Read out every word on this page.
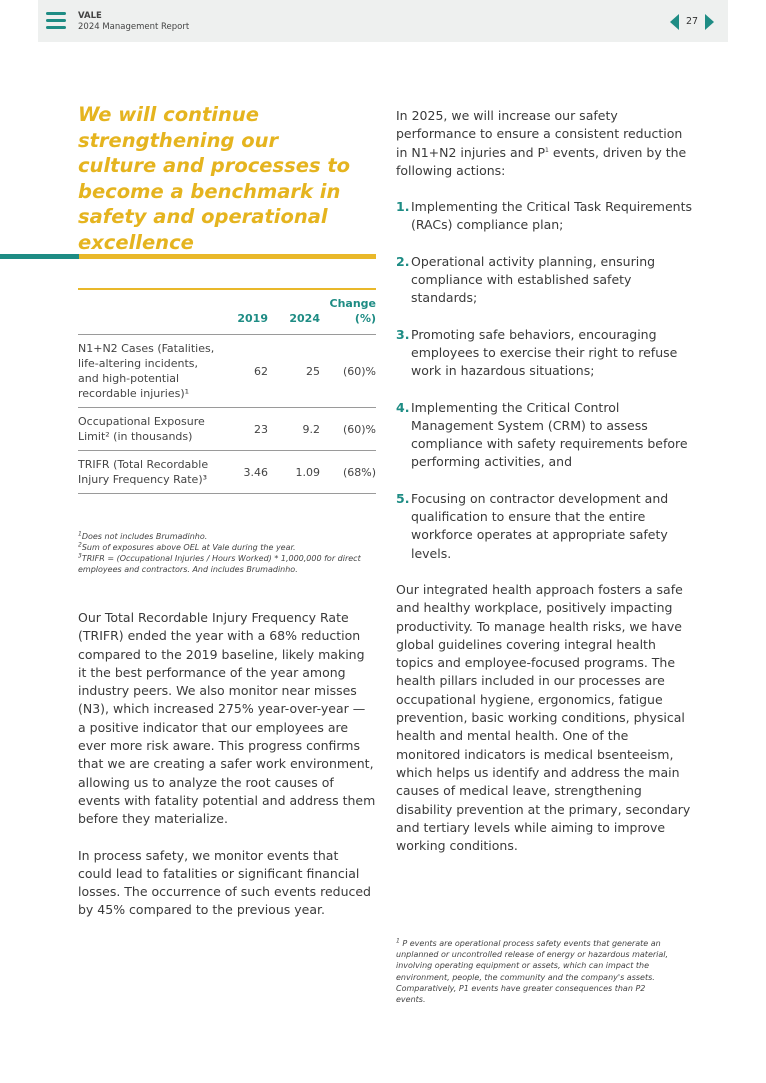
VALE
2024 Management Report	27
We will continue strengthening our culture and processes to become a benchmark in safety and operational excellence
	2019	2024	Change (%)
N1+N2 Cases (Fatalities, life-altering incidents, and high-potential recordable injuries)¹	62	25	(60)%
Occupational Exposure Limit² (in thousands)	23	9.2	(60)%
TRIFR (Total Recordable Injury Frequency Rate)³	3.46	1.09	(68%)
$^1$Does not includes Brumadinho.
$^2$Sum of exposures above OEL at Vale during the year.
$^3$TRIFR = (Occupational Injuries / Hours Worked) * 1,000,000 for direct employees and contractors. And includes Brumadinho.

Our Total Recordable Injury Frequency Rate (TRIFR) ended the year with a 68% reduction compared to the 2019 baseline, likely making it the best performance of the year among industry peers. We also monitor near misses (N3), which increased 275% year-over-year — a positive indicator that our employees are ever more risk aware. This progress confirms that we are creating a safer work environment, allowing us to analyze the root causes of events with fatality potential and address them before they materialize.

In process safety, we monitor events that could lead to fatalities or significant financial losses. The occurrence of such events reduced by 45% compared to the previous year.

In 2025, we will increase our safety performance to ensure a consistent reduction in N1+N2 injuries and $P^1$ events, driven by the following actions:

1. Implementing the Critical Task Requirements (RACs) compliance plan;
2. Operational activity planning, ensuring compliance with established safety standards;
3. Promoting safe behaviors, encouraging employees to exercise their right to refuse work in hazardous situations;
4. Implementing the Critical Control Management System (CRM) to assess compliance with safety requirements before performing activities, and
5. Focusing on contractor development and qualification to ensure that the entire workforce operates at appropriate safety levels.

Our integrated health approach fosters a safe and healthy workplace, positively impacting productivity. To manage health risks, we have global guidelines covering integral health topics and employee-focused programs. The health pillars included in our processes are occupational hygiene, ergonomics, fatigue prevention, basic working conditions, physical health and mental health. One of the monitored indicators is medical bsenteeism, which helps us identify and address the main causes of medical leave, strengthening disability prevention at the primary, secondary and tertiary levels while aiming to improve working conditions.

$^1$ P events are operational process safety events that generate an unplanned or uncontrolled release of energy or hazardous material, involving operating equipment or assets, which can impact the environment, people, the community and the company's assets. Comparatively, P1 events have greater consequences than P2 events.
